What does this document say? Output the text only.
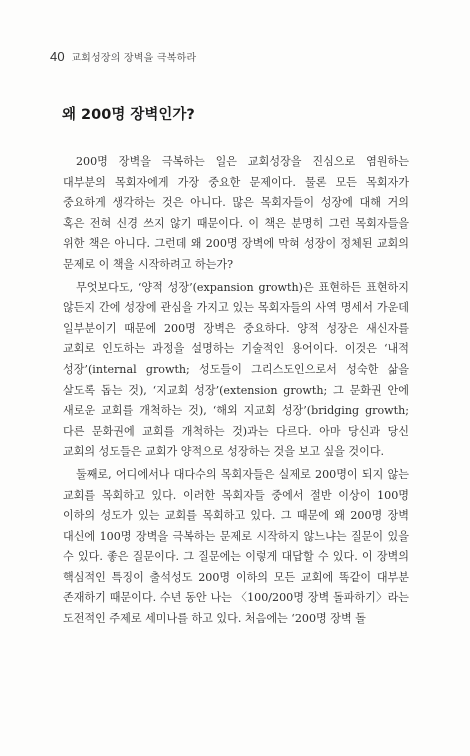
40 교회성장의 장벽을 극복하라
왜 200명 장벽인가?

200명 장벽을 극복하는 일은 교회성장을 진심으로 염원하는 대부분의 목회자에게 가장 중요한 문제이다. 물론 모든 목회자가 중요하게 생각하는 것은 아니다. 많은 목회자들이 성장에 대해 거의 혹은 전혀 신경 쓰지 않기 때문이다. 이 책은 분명히 그런 목회자들을 위한 책은 아니다. 그런데 왜 200명 장벽에 막혀 성장이 정체된 교회의 문제로 이 책을 시작하려고 하는가?

무엇보다도, ‘양적 성장’(expansion growth)은 표현하든 표현하지 않든지 간에 성장에 관심을 가지고 있는 목회자들의 사역 명세서 가운데 일부분이기 때문에 200명 장벽은 중요하다. 양적 성장은 새신자를 교회로 인도하는 과정을 설명하는 기술적인 용어이다. 이것은 ‘내적 성장’(internal growth; 성도들이 그리스도인으로서 성숙한 삶을 살도록 돕는 것), ‘지교회 성장’(extension growth; 그 문화권 안에 새로운 교회를 개척하는 것), ‘해외 지교회 성장’(bridging growth; 다른 문화권에 교회를 개척하는 것)과는 다르다. 아마 당신과 당신 교회의 성도들은 교회가 양적으로 성장하는 것을 보고 싶을 것이다.

둘째로, 어디에서나 대다수의 목회자들은 실제로 200명이 되지 않는 교회를 목회하고 있다. 이러한 목회자들 중에서 절반 이상이 100명 이하의 성도가 있는 교회를 목회하고 있다. 그 때문에 왜 200명 장벽 대신에 100명 장벽을 극복하는 문제로 시작하지 않느냐는 질문이 있을 수 있다. 좋은 질문이다. 그 질문에는 이렇게 대답할 수 있다. 이 장벽의 핵심적인 특징이 출석성도 200명 이하의 모든 교회에 똑같이 대부분 존재하기 때문이다. 수년 동안 나는 〈100/200명 장벽 돌파하기〉라는 도전적인 주제로 세미나를 하고 있다. 처음에는 ‘200명 장벽 돌
